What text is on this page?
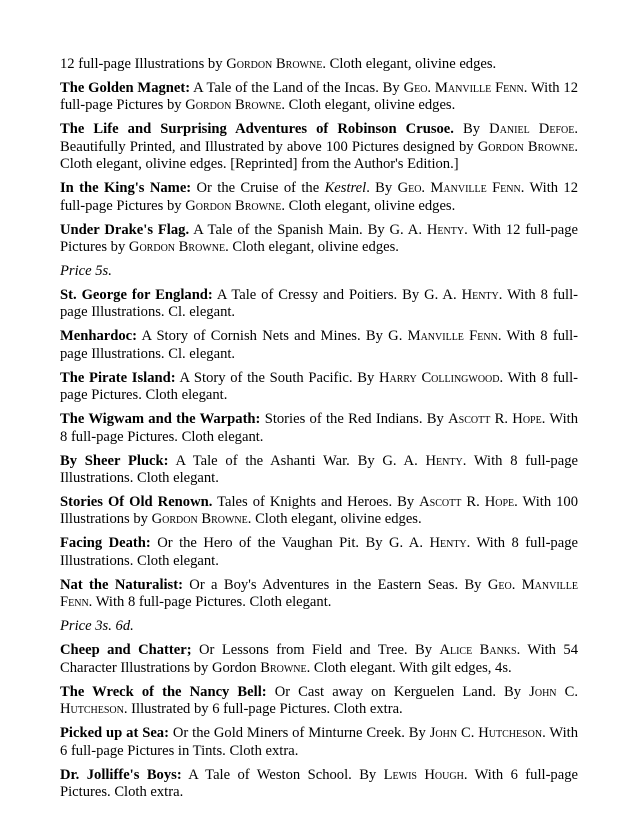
12 full-page Illustrations by Gordon Browne. Cloth elegant, olivine edges.
The Golden Magnet: A Tale of the Land of the Incas. By Geo. Manville Fenn. With 12 full-page Pictures by Gordon Browne. Cloth elegant, olivine edges.
The Life and Surprising Adventures of Robinson Crusoe. By Daniel Defoe. Beautifully Printed, and Illustrated by above 100 Pictures designed by Gordon Browne. Cloth elegant, olivine edges. [Reprinted] from the Author's Edition.]
In the King's Name: Or the Cruise of the Kestrel. By Geo. Manville Fenn. With 12 full-page Pictures by Gordon Browne. Cloth elegant, olivine edges.
Under Drake's Flag. A Tale of the Spanish Main. By G. A. Henty. With 12 full-page Pictures by Gordon Browne. Cloth elegant, olivine edges.
Price 5s.
St. George for England: A Tale of Cressy and Poitiers. By G. A. Henty. With 8 full-page Illustrations. Cl. elegant.
Menhardoc: A Story of Cornish Nets and Mines. By G. Manville Fenn. With 8 full-page Illustrations. Cl. elegant.
The Pirate Island: A Story of the South Pacific. By Harry Collingwood. With 8 full-page Pictures. Cloth elegant.
The Wigwam and the Warpath: Stories of the Red Indians. By Ascott R. Hope. With 8 full-page Pictures. Cloth elegant.
By Sheer Pluck: A Tale of the Ashanti War. By G. A. Henty. With 8 full-page Illustrations. Cloth elegant.
Stories Of Old Renown. Tales of Knights and Heroes. By Ascott R. Hope. With 100 Illustrations by Gordon Browne. Cloth elegant, olivine edges.
Facing Death: Or the Hero of the Vaughan Pit. By G. A. Henty. With 8 full-page Illustrations. Cloth elegant.
Nat the Naturalist: Or a Boy's Adventures in the Eastern Seas. By Geo. Manville Fenn. With 8 full-page Pictures. Cloth elegant.
Price 3s. 6d.
Cheep and Chatter; Or Lessons from Field and Tree. By Alice Banks. With 54 Character Illustrations by Gordon Browne. Cloth elegant. With gilt edges, 4s.
The Wreck of the Nancy Bell: Or Cast away on Kerguelen Land. By John C. Hutcheson. Illustrated by 6 full-page Pictures. Cloth extra.
Picked up at Sea: Or the Gold Miners of Minturne Creek. By John C. Hutcheson. With 6 full-page Pictures in Tints. Cloth extra.
Dr. Jolliffe's Boys: A Tale of Weston School. By Lewis Hough. With 6 full-page Pictures. Cloth extra.
